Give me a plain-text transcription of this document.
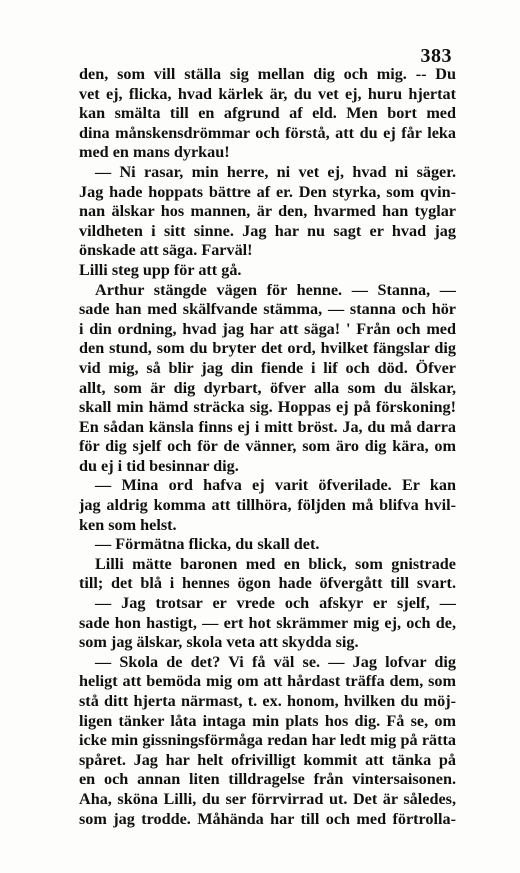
383
den, som vill ställa sig mellan dig och mig. -- Du
vet ej, flicka, hvad kärlek är, du vet ej, huru hjertat
kan smälta till en afgrund af eld. Men bort med
dina månskensdrömmar och förstå, att du ej får leka
med en mans dyrkau!
— Ni rasar, min herre, ni vet ej, hvad ni säger.
Jag hade hoppats bättre af er. Den styrka, som qvin-
nan älskar hos mannen, är den, hvarmed han tyglar
vildheten i sitt sinne. Jag har nu sagt er hvad jag
önskade att säga. Farväl!
Lilli steg upp för att gå.
Arthur stängde vägen för henne. — Stanna, —
sade han med skälfvande stämma, — stanna och hör
i din ordning, hvad jag har att säga! ' Från och med
den stund, som du bryter det ord, hvilket fängslar dig
vid mig, så blir jag din fiende i lif och död. Öfver
allt, som är dig dyrbart, öfver alla som du älskar,
skall min hämd sträcka sig. Hoppas ej på förskoning!
En sådan känsla finns ej i mitt bröst. Ja, du må darra
för dig sjelf och för de vänner, som äro dig kära, om
du ej i tid besinnar dig.
— Mina ord hafva ej varit öfverilade. Er kan
jag aldrig komma att tillhöra, följden må blifva hvil-
ken som helst.
— Förmätna flicka, du skall det.
Lilli mätte baronen med en blick, som gnistrade
till; det blå i hennes ögon hade öfvergått till svart.
— Jag trotsar er vrede och afskyr er sjelf, —
sade hon hastigt, — ert hot skrämmer mig ej, och de,
som jag älskar, skola veta att skydda sig.
— Skola de det? Vi få väl se. — Jag lofvar dig
heligt att bemöda mig om att hårdast träffa dem, som
stå ditt hjerta närmast, t. ex. honom, hvilken du möj-
ligen tänker låta intaga min plats hos dig. Få se, om
icke min gissningsförmåga redan har ledt mig på rätta
spåret. Jag har helt ofrivilligt kommit att tänka på
en och annan liten tilldragelse från vintersaisonen.
Aha, sköna Lilli, du ser förrvirrad ut. Det är således,
som jag trodde. Måhända har till och med förtrolla-
